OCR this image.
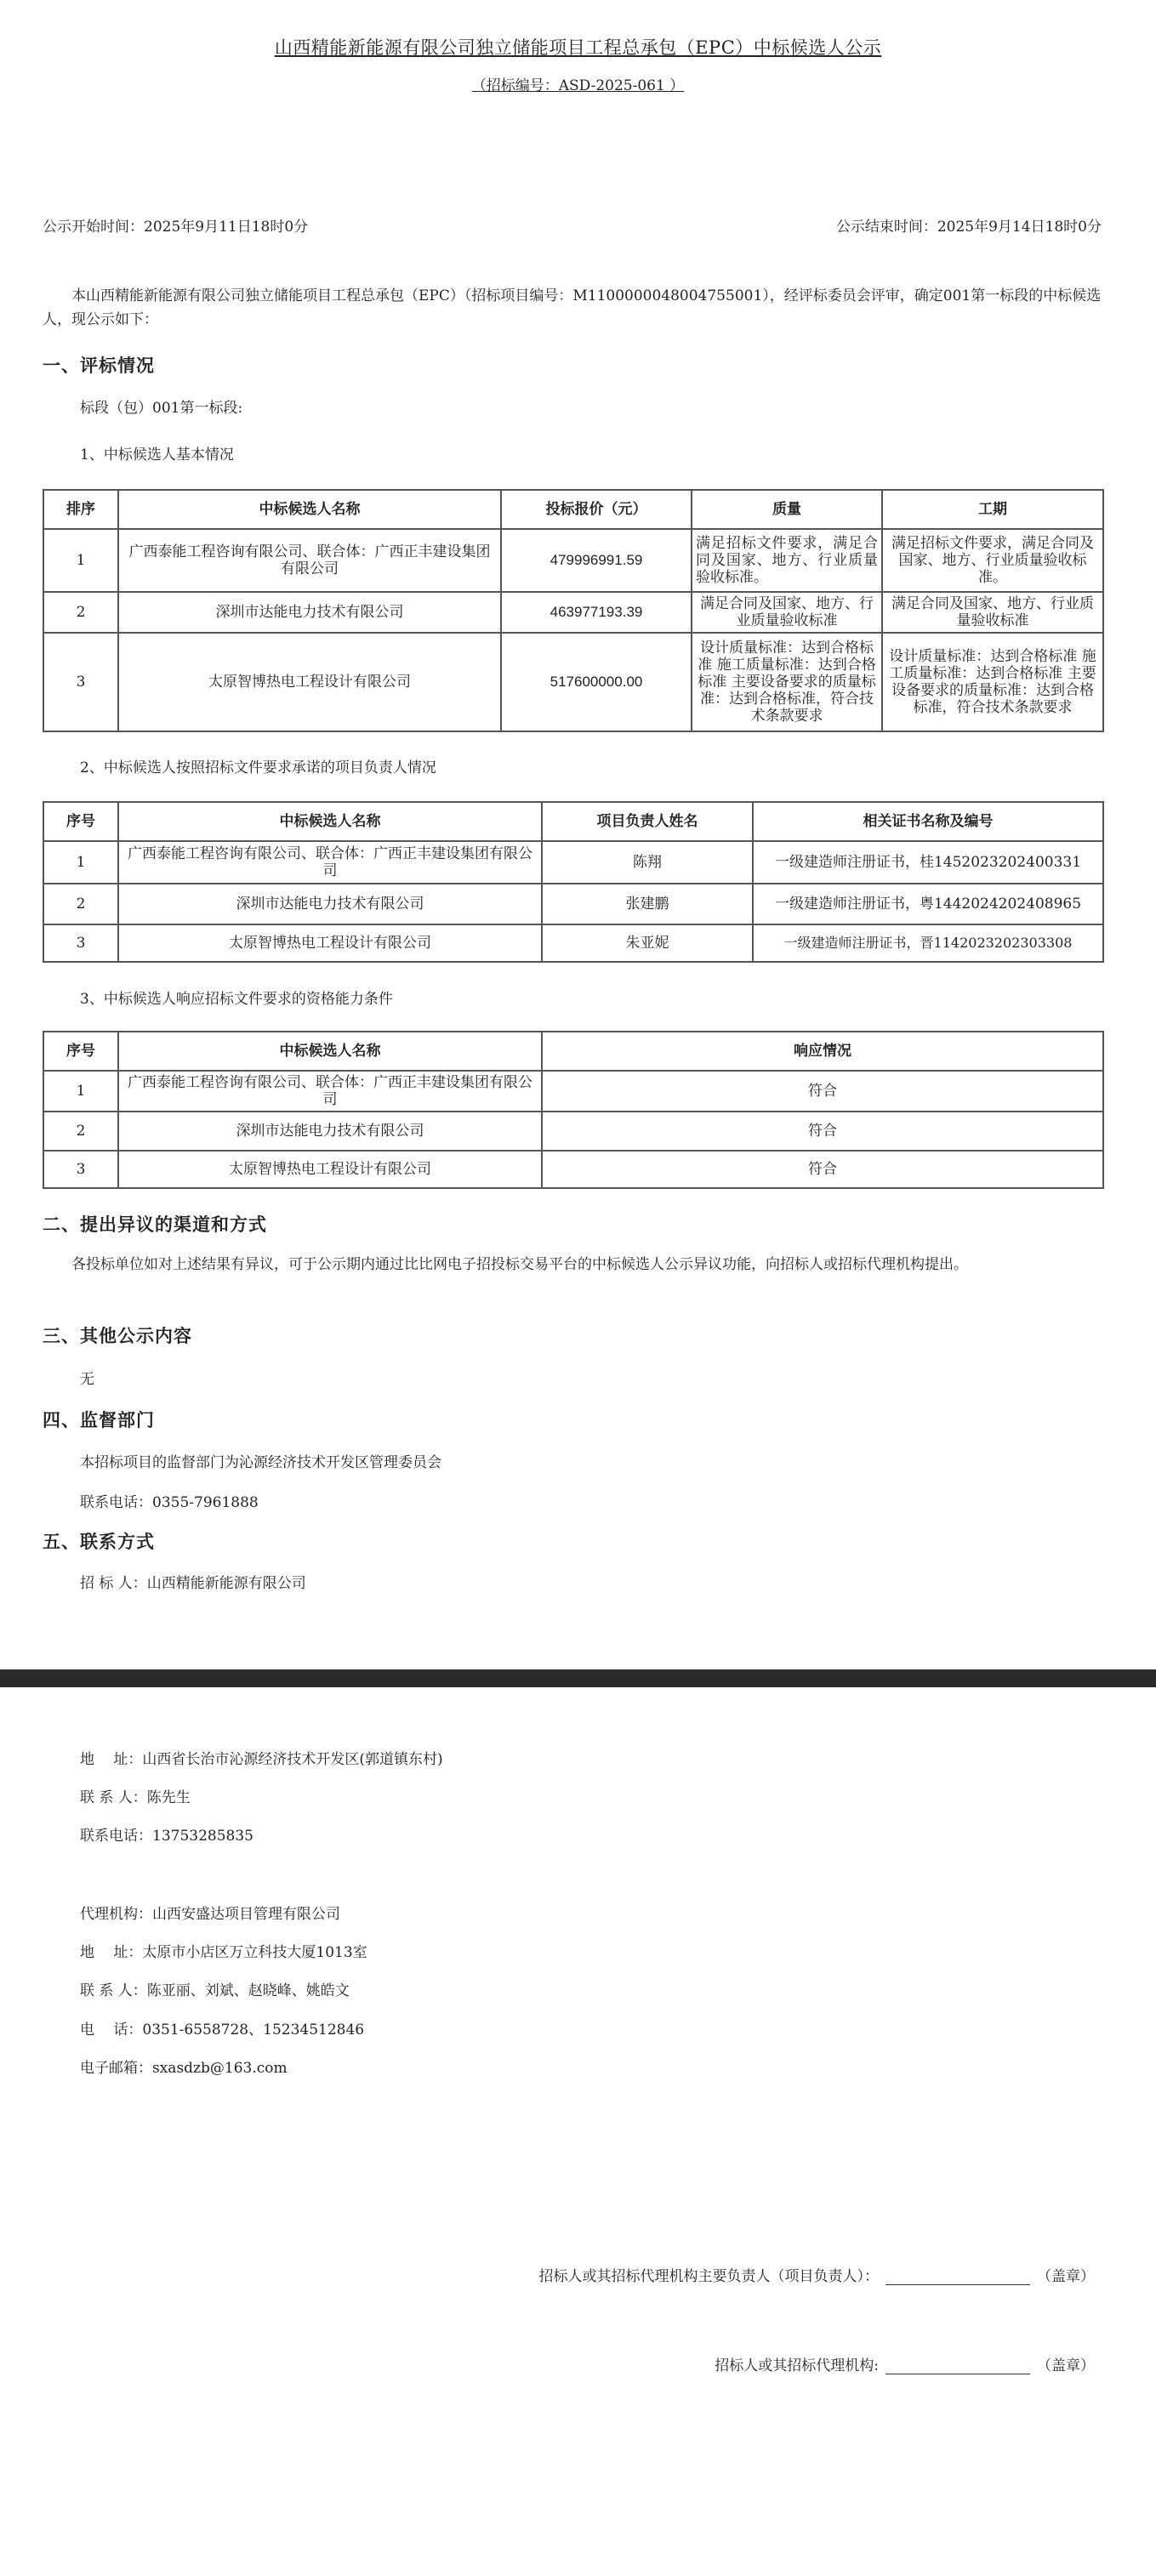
山西精能新能源有限公司独立储能项目工程总承包（EPC）中标候选人公示
（招标编号：ASD-2025-061 ）
公示开始时间：2025年9月11日18时0分	公示结束时间：2025年9月14日18时0分
本山西精能新能源有限公司独立储能项目工程总承包（EPC）（招标项目编号：M1100000048004755001），经评标委员会评审，确定001第一标段的中标候选人，现公示如下：
一、评标情况
标段（包）001第一标段:
1、中标候选人基本情况
排序	中标候选人名称	投标报价（元）	质量	工期
1	广西泰能工程咨询有限公司、联合体：广西正丰建设集团有限公司	479996991.59	满足招标文件要求，满足合同及国家、地方、行业质量验收标准。	满足招标文件要求，满足合同及国家、地方、行业质量验收标准。
2	深圳市达能电力技术有限公司	463977193.39	满足合同及国家、地方、行业质量验收标准	满足合同及国家、地方、行业质量验收标准
3	太原智博热电工程设计有限公司	517600000.00	设计质量标准：达到合格标准 施工质量标准：达到合格标准 主要设备要求的质量标准：达到合格标准，符合技术条款要求	设计质量标准：达到合格标准 施工质量标准：达到合格标准 主要设备要求的质量标准：达到合格标准，符合技术条款要求
2、中标候选人按照招标文件要求承诺的项目负责人情况
序号	中标候选人名称	项目负责人姓名	相关证书名称及编号
1	广西泰能工程咨询有限公司、联合体：广西正丰建设集团有限公司	陈翔	一级建造师注册证书，桂1452023202400331
2	深圳市达能电力技术有限公司	张建鹏	一级建造师注册证书，粤1442024202408965
3	太原智博热电工程设计有限公司	朱亚妮	一级建造师注册证书，晋1142023202303308
3、中标候选人响应招标文件要求的资格能力条件
序号	中标候选人名称	响应情况
1	广西泰能工程咨询有限公司、联合体：广西正丰建设集团有限公司	符合
2	深圳市达能电力技术有限公司	符合
3	太原智博热电工程设计有限公司	符合
二、提出异议的渠道和方式
各投标单位如对上述结果有异议，可于公示期内通过比比网电子招投标交易平台的中标候选人公示异议功能，向招标人或招标代理机构提出。
三、其他公示内容
无
四、监督部门
本招标项目的监督部门为沁源经济技术开发区管理委员会
联系电话：0355-7961888
五、联系方式
招 标 人：山西精能新能源有限公司
地　 址：山西省长治市沁源经济技术开发区(郭道镇东村)
联 系 人：陈先生
联系电话：13753285835
代理机构：山西安盛达项目管理有限公司
地　 址：太原市小店区万立科技大厦1013室
联 系 人：陈亚丽、刘斌、赵晓峰、姚皓文
电　 话：0351-6558728、15234512846
电子邮箱：sxasdzb@163.com
招标人或其招标代理机构主要负责人（项目负责人）：	（盖章）
招标人或其招标代理机构:	（盖章）
